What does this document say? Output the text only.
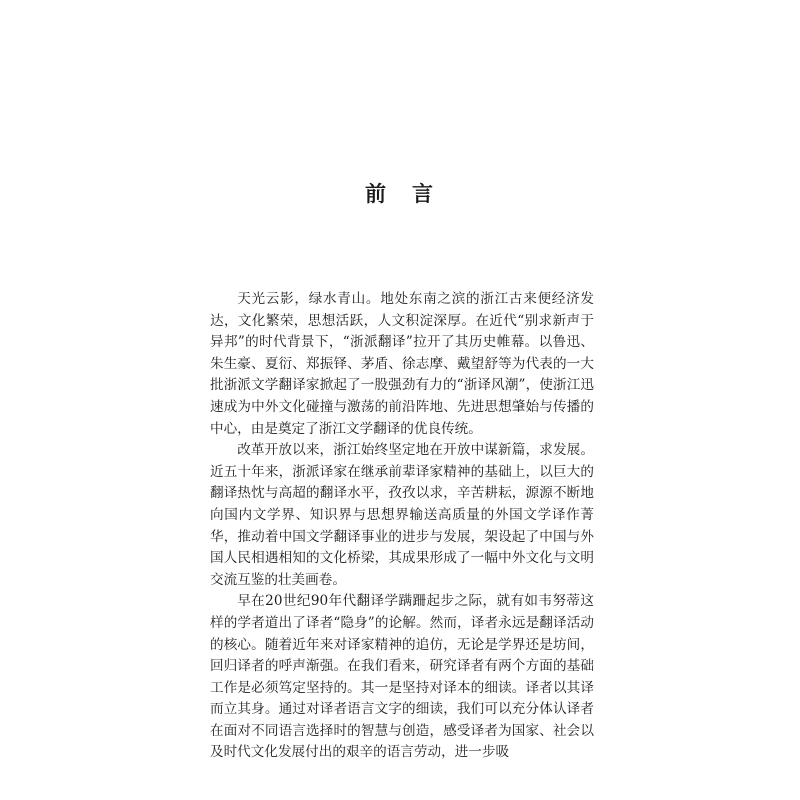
前 言

天光云影，绿水青山。地处东南之滨的浙江古来便经济发达，文化繁荣，思想活跃，人文积淀深厚。在近代“别求新声于异邦”的时代背景下，“浙派翻译”拉开了其历史帷幕。以鲁迅、朱生豪、夏衍、郑振铎、茅盾、徐志摩、戴望舒等为代表的一大批浙派文学翻译家掀起了一股强劲有力的“浙译风潮”，使浙江迅速成为中外文化碰撞与激荡的前沿阵地、先进思想肇始与传播的中心，由是奠定了浙江文学翻译的优良传统。

改革开放以来，浙江始终坚定地在开放中谋新篇，求发展。近五十年来，浙派译家在继承前辈译家精神的基础上，以巨大的翻译热忱与高超的翻译水平，孜孜以求，辛苦耕耘，源源不断地向国内文学界、知识界与思想界输送高质量的外国文学译作菁华，推动着中国文学翻译事业的进步与发展，架设起了中国与外国人民相遇相知的文化桥梁，其成果形成了一幅中外文化与文明交流互鉴的壮美画卷。

早在20世纪90年代翻译学蹒跚起步之际，就有如韦努蒂这样的学者道出了译者“隐身”的论解。然而，译者永远是翻译活动的核心。随着近年来对译家精神的追仿，无论是学界还是坊间，回归译者的呼声渐强。在我们看来，研究译者有两个方面的基础工作是必须笃定坚持的。其一是坚持对译本的细读。译者以其译而立其身。通过对译者语言文字的细读，我们可以充分体认译者在面对不同语言选择时的智慧与创造，感受译者为国家、社会以及时代文化发展付出的艰辛的语言劳动，进一步吸
